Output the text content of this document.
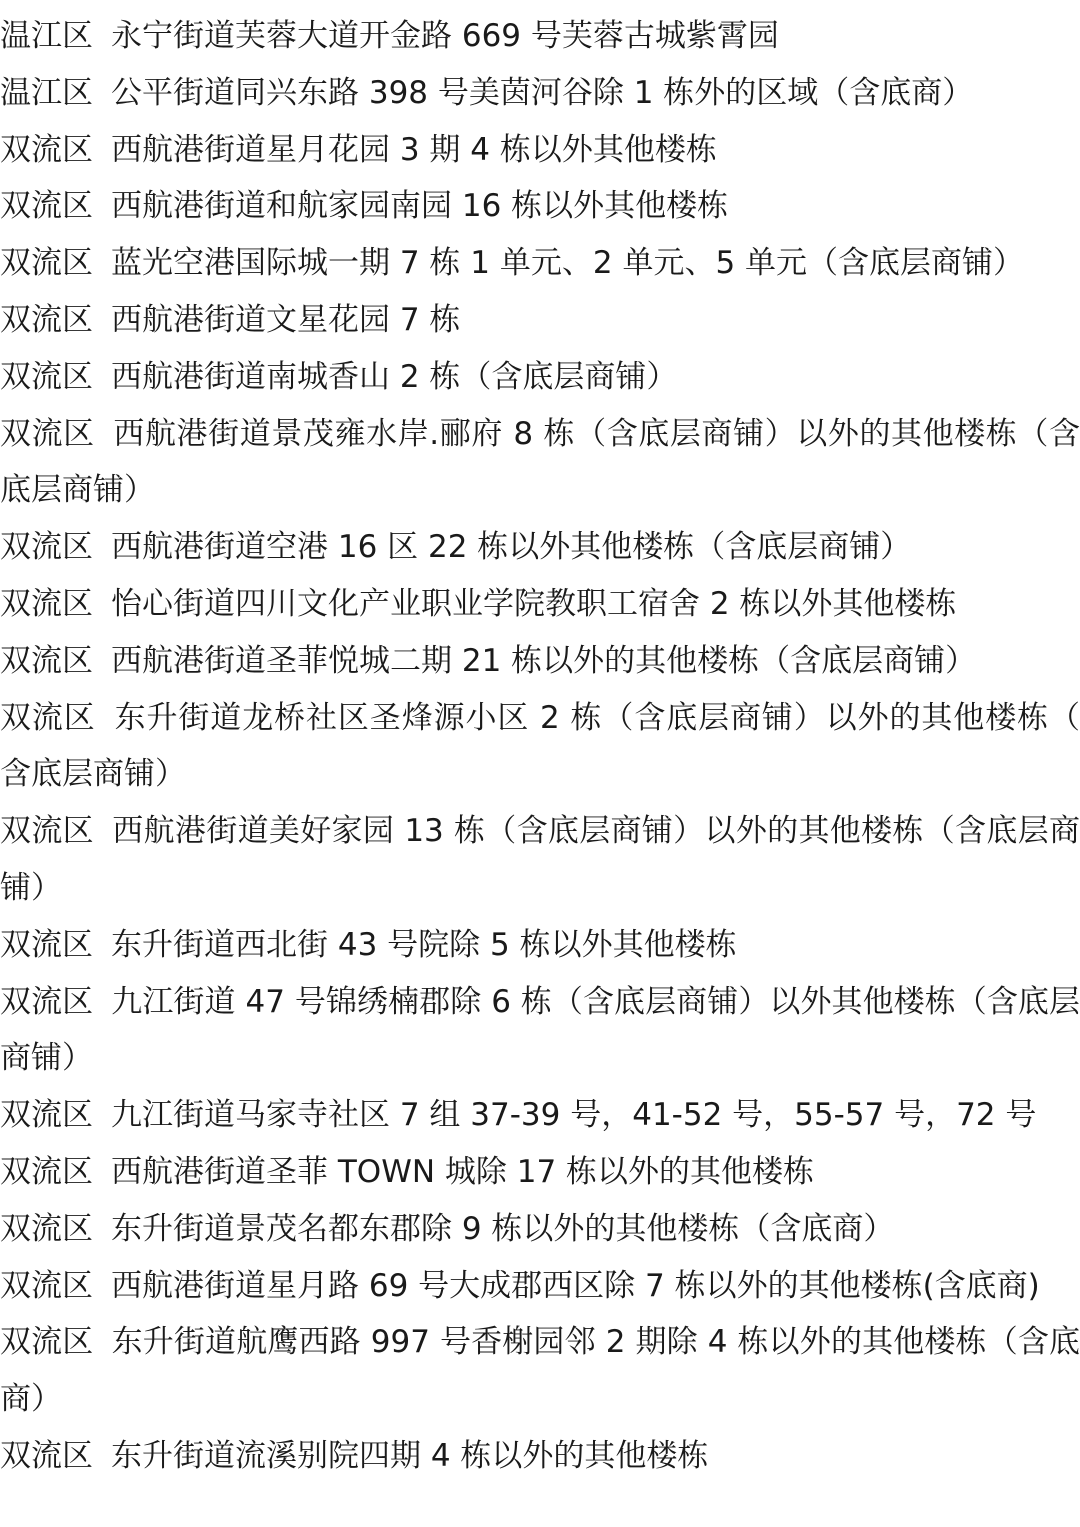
温江区 永宁街道芙蓉大道开金路 669 号芙蓉古城紫霄园

温江区 公平街道同兴东路 398 号美茵河谷除 1 栋外的区域（含底商）

双流区 西航港街道星月花园 3 期 4 栋以外其他楼栋

双流区 西航港街道和航家园南园 16 栋以外其他楼栋

双流区 蓝光空港国际城一期 7 栋 1 单元、2 单元、5 单元（含底层商铺）

双流区 西航港街道文星花园 7 栋

双流区 西航港街道南城香山 2 栋（含底层商铺）

双流区 西航港街道景茂雍水岸.郦府 8 栋（含底层商铺）以外的其他楼栋（含底层商铺）

双流区 西航港街道空港 16 区 22 栋以外其他楼栋（含底层商铺）

双流区 怡心街道四川文化产业职业学院教职工宿舍 2 栋以外其他楼栋

双流区 西航港街道圣菲悦城二期 21 栋以外的其他楼栋（含底层商铺）

双流区 东升街道龙桥社区圣烽源小区 2 栋（含底层商铺）以外的其他楼栋（含底层商铺）

双流区 西航港街道美好家园 13 栋（含底层商铺）以外的其他楼栋（含底层商铺）

双流区 东升街道西北街 43 号院除 5 栋以外其他楼栋

双流区 九江街道 47 号锦绣楠郡除 6 栋（含底层商铺）以外其他楼栋（含底层商铺）

双流区 九江街道马家寺社区 7 组 37-39 号，41-52 号，55-57 号，72 号

双流区 西航港街道圣菲 TOWN 城除 17 栋以外的其他楼栋

双流区 东升街道景茂名都东郡除 9 栋以外的其他楼栋（含底商）

双流区 西航港街道星月路 69 号大成郡西区除 7 栋以外的其他楼栋(含底商)

双流区 东升街道航鹰西路 997 号香榭园邻 2 期除 4 栋以外的其他楼栋（含底商）

双流区 东升街道流溪别院四期 4 栋以外的其他楼栋
